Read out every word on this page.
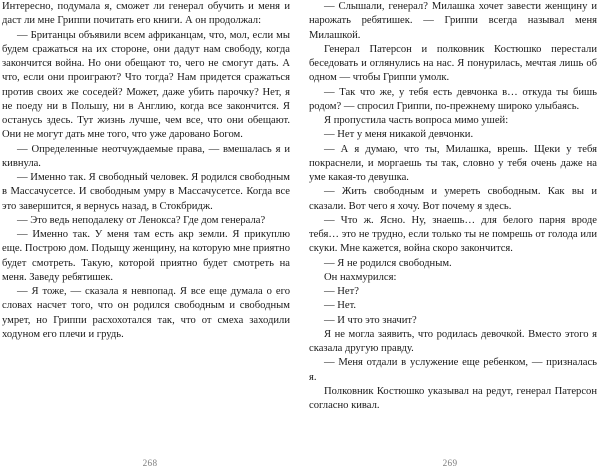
Интересно, подумала я, сможет ли генерал обучить и меня и даст ли мне Гриппи почитать его книги. А он продолжал:

— Британцы объявили всем африканцам, что, мол, если мы будем сражаться на их стороне, они дадут нам свободу, когда закончится война. Но они обещают то, чего не смогут дать. А что, если они проиграют? Что тогда? Нам придется сражаться против своих же соседей? Может, даже убить парочку? Нет, я не поеду ни в Польшу, ни в Англию, когда все закончится. Я останусь здесь. Тут жизнь лучше, чем все, что они обещают. Они не могут дать мне того, что уже даровано Богом.

— Определенные неотчуждаемые права, — вмешалась я и кивнула.

— Именно так. Я свободный человек. Я родился свободным в Массачусетсе. И свободным умру в Массачусетсе. Когда все это завершится, я вернусь назад, в Стокбридж.

— Это ведь неподалеку от Ленокса? Где дом генерала?

— Именно так. У меня там есть акр земли. Я прикуплю еще. Построю дом. Подыщу женщину, на которую мне приятно будет смотреть. Такую, которой приятно будет смотреть на меня. Заведу ребятишек.

— Я тоже, — сказала я невпопад. Я все еще думала о его словах насчет того, что он родился свободным и свободным умрет, но Гриппи расхохотался так, что от смеха заходили ходуном его плечи и грудь.

268

— Слышали, генерал? Милашка хочет завести женщину и нарожать ребятишек. — Гриппи всегда называл меня Милашкой.

Генерал Патерсон и полковник Костюшко перестали беседовать и оглянулись на нас. Я понурилась, мечтая лишь об одном — чтобы Гриппи умолк.

— Так что же, у тебя есть девчонка в… откуда ты бишь родом? — спросил Гриппи, по-прежнему широко улыбаясь.

Я пропустила часть вопроса мимо ушей:

— Нет у меня никакой девчонки.

— А я думаю, что ты, Милашка, врешь. Щеки у тебя покраснели, и моргаешь ты так, словно у тебя очень даже на уме какая-то девушка.

— Жить свободным и умереть свободным. Как вы и сказали. Вот чего я хочу. Вот почему я здесь.

— Что ж. Ясно. Ну, знаешь… для белого парня вроде тебя… это не трудно, если только ты не помрешь от голода или скуки. Мне кажется, война скоро закончится.

— Я не родился свободным.

Он нахмурился:

— Нет?

— Нет.

— И что это значит?

Я не могла заявить, что родилась девочкой. Вместо этого я сказала другую правду.

— Меня отдали в услужение еще ребенком, — призналась я.

Полковник Костюшко указывал на редут, генерал Патерсон согласно кивал.

269
